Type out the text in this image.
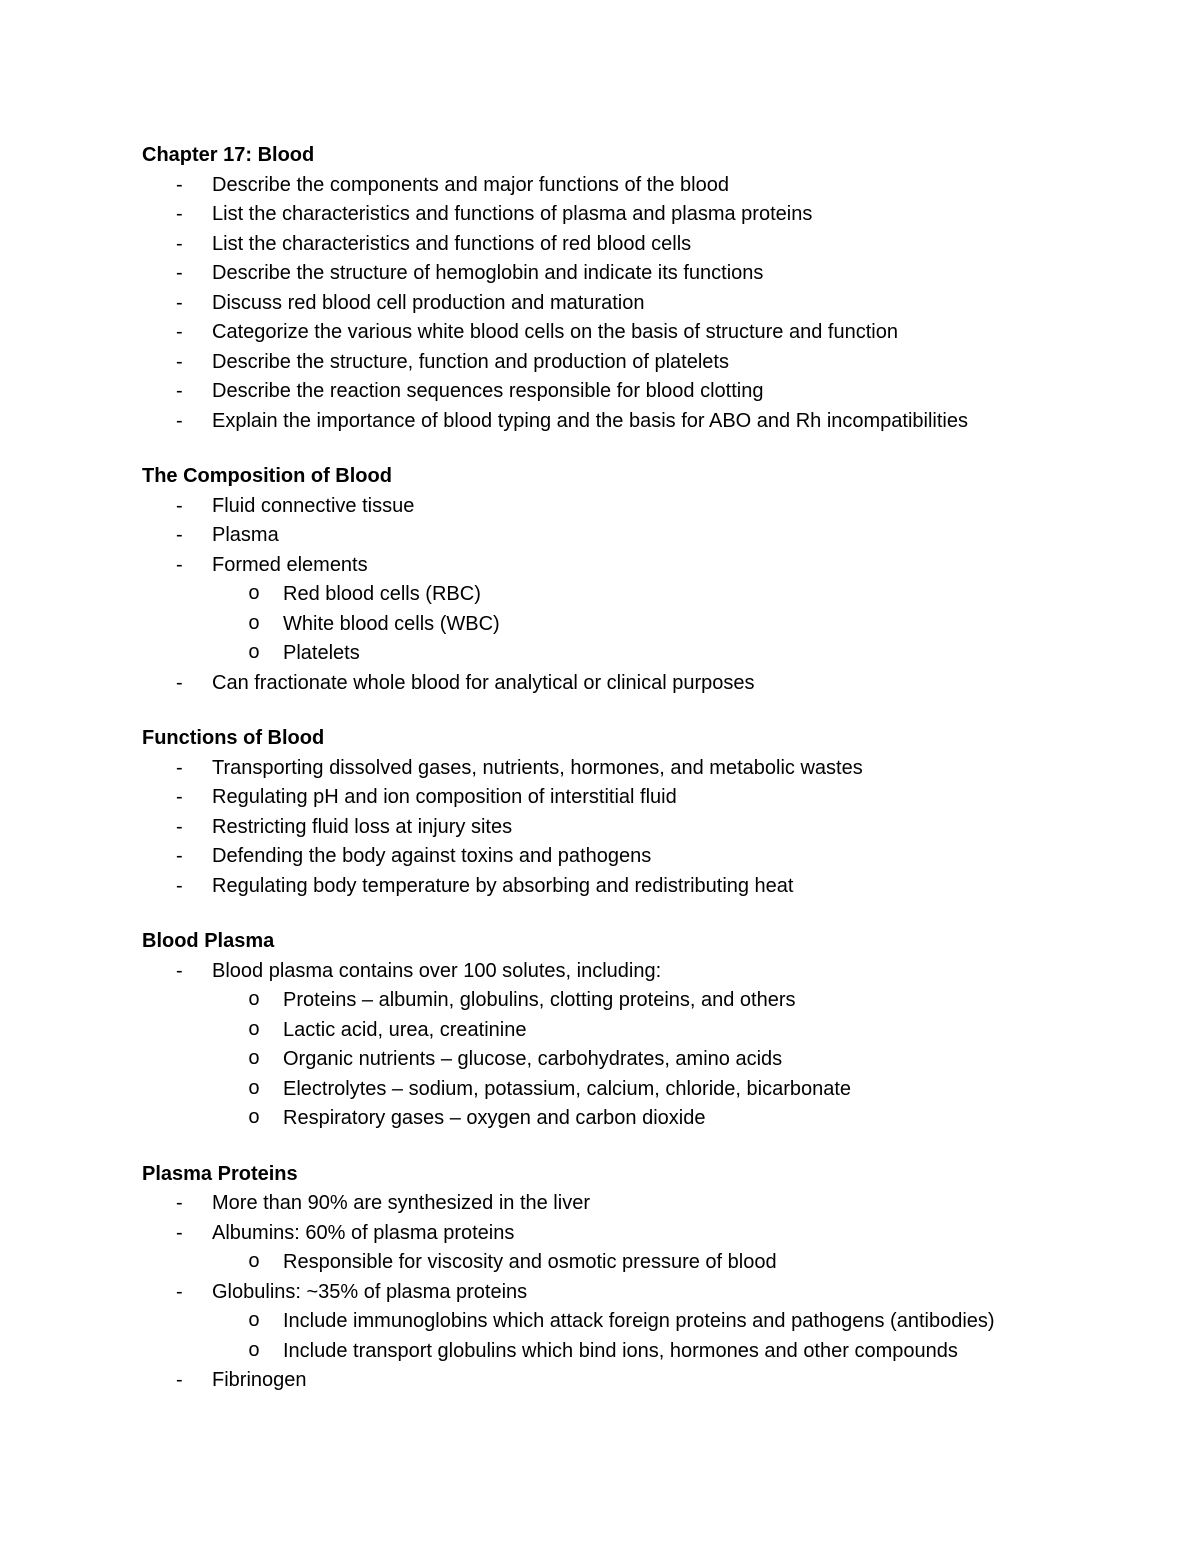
Chapter 17: Blood
-	Describe the components and major functions of the blood
-	List the characteristics and functions of plasma and plasma proteins
-	List the characteristics and functions of red blood cells
-	Describe the structure of hemoglobin and indicate its functions
-	Discuss red blood cell production and maturation
-	Categorize the various white blood cells on the basis of structure and function
-	Describe the structure, function and production of platelets
-	Describe the reaction sequences responsible for blood clotting
-	Explain the importance of blood typing and the basis for ABO and Rh incompatibilities
The Composition of Blood
-	Fluid connective tissue
-	Plasma
-	Formed elements
o Red blood cells (RBC)
o White blood cells (WBC)
o Platelets
-	Can fractionate whole blood for analytical or clinical purposes
Functions of Blood
-	Transporting dissolved gases, nutrients, hormones, and metabolic wastes
-	Regulating pH and ion composition of interstitial fluid
-	Restricting fluid loss at injury sites
-	Defending the body against toxins and pathogens
-	Regulating body temperature by absorbing and redistributing heat
Blood Plasma
-	Blood plasma contains over 100 solutes, including:
o Proteins – albumin, globulins, clotting proteins, and others
o Lactic acid, urea, creatinine
o Organic nutrients – glucose, carbohydrates, amino acids
o Electrolytes – sodium, potassium, calcium, chloride, bicarbonate
o Respiratory gases – oxygen and carbon dioxide
Plasma Proteins
-	More than 90% are synthesized in the liver
-	Albumins: 60% of plasma proteins
o Responsible for viscosity and osmotic pressure of blood
-	Globulins: ~35% of plasma proteins
o Include immunoglobins which attack foreign proteins and pathogens (antibodies)
o Include transport globulins which bind ions, hormones and other compounds
-	Fibrinogen
